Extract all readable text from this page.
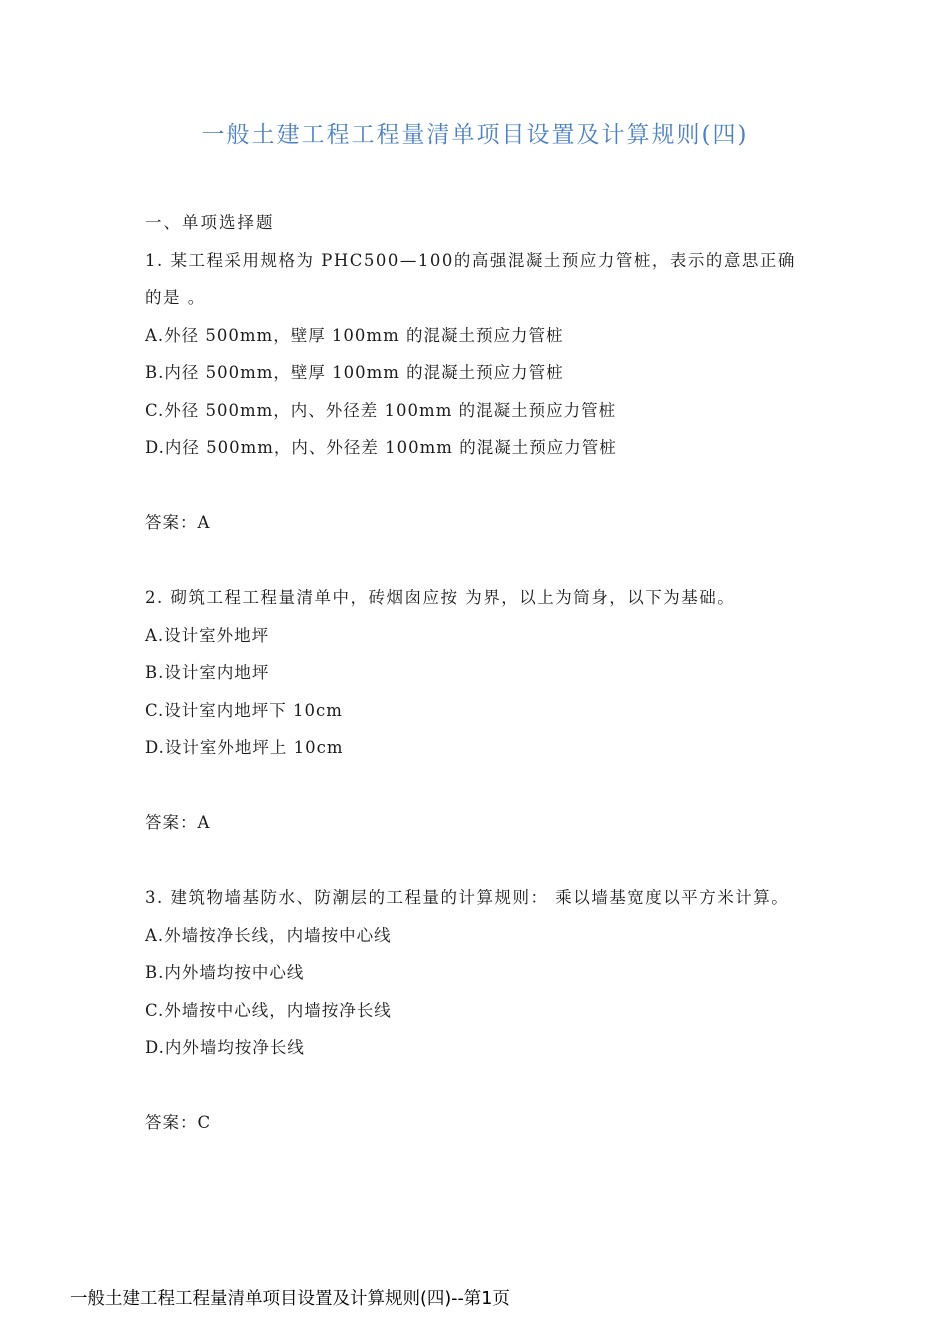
一般土建工程工程量清单项目设置及计算规则(四)
一、单项选择题
1. 某工程采用规格为 PHC500—100的高强混凝土预应力管桩，表示的意思正确的是 。
A.外径 500mm，壁厚 100mm 的混凝土预应力管桩
B.内径 500mm，壁厚 100mm 的混凝土预应力管桩
C.外径 500mm，内、外径差 100mm 的混凝土预应力管桩
D.内径 500mm，内、外径差 100mm 的混凝土预应力管桩
答案：A
2. 砌筑工程工程量清单中，砖烟囱应按 为界，以上为筒身，以下为基础。
A.设计室外地坪
B.设计室内地坪
C.设计室内地坪下 10cm
D.设计室外地坪上 10cm
答案：A
3. 建筑物墙基防水、防潮层的工程量的计算规则： 乘以墙基宽度以平方米计算。
A.外墙按净长线，内墙按中心线
B.内外墙均按中心线
C.外墙按中心线，内墙按净长线
D.内外墙均按净长线
答案：C
一般土建工程工程量清单项目设置及计算规则(四)--第1页
